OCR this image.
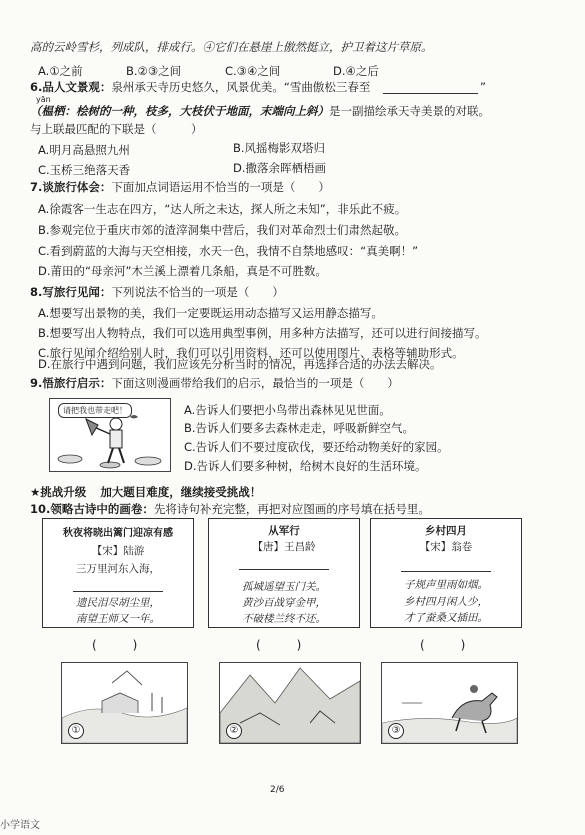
高的云岭雪杉，列成队，排成行。④它们在悬崖上傲然挺立，护卫着这片草原。
A.①之前	B.②③之间	C.③④之间	D.④之后
6.品人文景观：泉州承天寺历史悠久，风景优美。“雪曲傲松三春至	”
yān
（榅栖：桧树的一种，枝多，大枝伏于地面，末端向上斜）是一副描绘承天寺美景的对联。
与上联最匹配的下联是（　　　）
A.明月高悬照九州	B.风摇梅影双塔归
C.玉桥三绝落天香	D.撒落余晖栖梧画
7.谈旅行体会：下面加点词语运用不恰当的一项是（　　）
A.徐霞客一生志在四方，“达人所之未达，探人所之未知”，非乐此不疲。
B.参观完位于重庆市郊的渣滓洞集中营后，我们对革命烈士们肃然起敬。
C.看到蔚蓝的大海与天空相接，水天一色，我情不自禁地感叹：“真美啊！”
D.莆田的“母亲河”木兰溪上漂着几条船，真是不可胜数。
8.写旅行见闻：下列说法不恰当的一项是（　　）
A.想要写出景物的美，我们一定要既运用动态描写又运用静态描写。
B.想要写出人物特点，我们可以选用典型事例，用多种方法描写，还可以进行间接描写。
C.旅行见闻介绍给别人时，我们可以引用资料，还可以使用图片、表格等辅助形式。
D.在旅行中遇到问题，我们应该先分析当时的情况，再选择合适的办法去解决。
9.悟旅行启示：下面这则漫画带给我们的启示，最恰当的一项是（　　）
请把我也带走吧！	A.告诉人们要把小鸟带出森林见见世面。
B.告诉人们要多去森林走走，呼吸新鲜空气。
C.告诉人们不要过度砍伐，要还给动物美好的家园。
D.告诉人们要多种树，给树木良好的生活环境。
★挑战升级 加大题目难度，继续接受挑战！
10.领略古诗中的画卷：先将诗句补充完整，再把对应图画的序号填在括号里。
秋夜将晓出篱门迎凉有感
【宋】陆游
三万里河东入海，
遗民泪尽胡尘里，
南望王师又一年。
从军行
【唐】王昌龄
孤城遥望玉门关。
黄沙百战穿金甲，
不破楼兰终不还。
乡村四月
【宋】翁卷
子规声里雨如烟。
乡村四月闲人少，
才了蚕桑又插田。
(　　　)	(　　　)	(　　　)
①	②	③
2/6
小学语文
